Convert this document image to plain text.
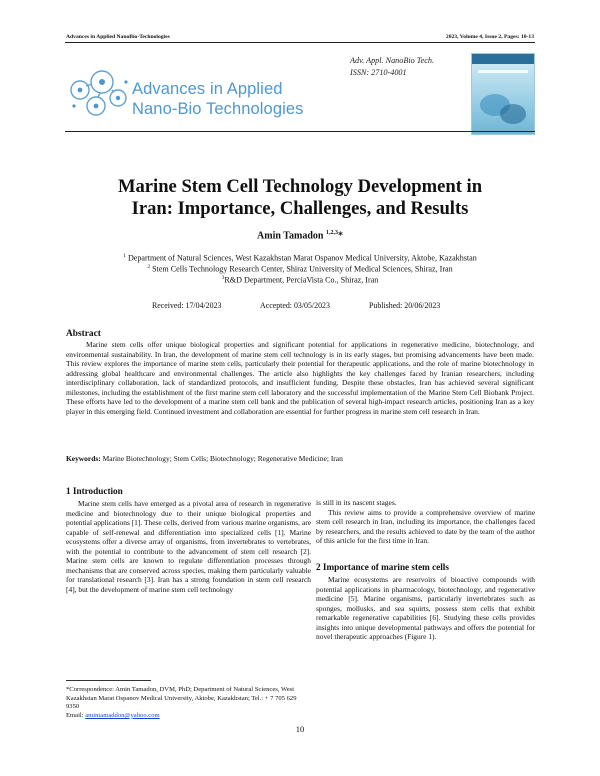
Advances in Applied NanoBio-Technologies	2023, Volume 4, Issue 2, Pages: 10-13
Advances in Applied
Nano-Bio Technologies
Adv. Appl. NanoBio Tech.
ISSN: 2710-4001
Marine Stem Cell Technology Development in
Iran: Importance, Challenges, and Results
Amin Tamadon $^{1,2,3}$*
$^1$ Department of Natural Sciences, West Kazakhstan Marat Ospanov Medical University, Aktobe, Kazakhstan
$^2$ Stem Cells Technology Research Center, Shiraz University of Medical Sciences, Shiraz, Iran
$^3$R&D Department, PerciaVista Co., Shiraz, Iran
Received: 17/04/2023	Accepted: 03/05/2023	Published: 20/06/2023
Abstract
Marine stem cells offer unique biological properties and significant potential for applications in regenerative medicine, biotechnology, and environmental sustainability. In Iran, the development of marine stem cell technology is in its early stages, but promising advancements have been made. This review explores the importance of marine stem cells, particularly their potential for therapeutic applications, and the role of marine biotechnology in addressing global healthcare and environmental challenges. The article also highlights the key challenges faced by Iranian researchers, including interdisciplinary collaboration, lack of standardized protocols, and insufficient funding. Despite these obstacles, Iran has achieved several significant milestones, including the establishment of the first marine stem cell laboratory and the successful implementation of the Marine Stem Cell Biobank Project. These efforts have led to the development of a marine stem cell bank and the publication of several high-impact research articles, positioning Iran as a key player in this emerging field. Continued investment and collaboration are essential for further progress in marine stem cell research in Iran.
Keywords: Marine Biotechnology; Stem Cells; Biotechnology; Regenerative Medicine; Iran
1 Introduction

Marine stem cells have emerged as a pivotal area of research in regenerative medicine and biotechnology due to their unique biological properties and potential applications [1]. These cells, derived from various marine organisms, are capable of self-renewal and differentiation into specialized cells [1]. Marine ecosystems offer a diverse array of organisms, from invertebrates to vertebrates, with the potential to contribute to the advancement of stem cell research [2]. Marine stem cells are known to regulate differentiation processes through mechanisms that are conserved across species, making them particularly valuable for translational research [3]. Iran has a strong foundation in stem cell research [4], but the development of marine stem cell technology

*Correspondence: Amin Tamadon, DVM, PhD; Department of Natural Sciences, West Kazakhstan Marat Ospanov Medical University, Aktobe, Kazakhstan; Tel.: + 7 705 629 9350
Email: amintamaddon@yahoo.com
is still in its nascent stages.

This review aims to provide a comprehensive overview of marine stem cell research in Iran, including its importance, the challenges faced by researchers, and the results achieved to date by the team of the author of this article for the first time in Iran.

2 Importance of marine stem cells

Marine ecosystems are reservoirs of bioactive compounds with potential applications in pharmacology, biotechnology, and regenerative medicine [5]. Marine organisms, particularly invertebrates such as sponges, mollusks, and sea squirts, possess stem cells that exhibit remarkable regenerative capabilities [6]. Studying these cells provides insights into unique developmental pathways and offers the potential for novel therapeutic approaches (Figure 1).

10
